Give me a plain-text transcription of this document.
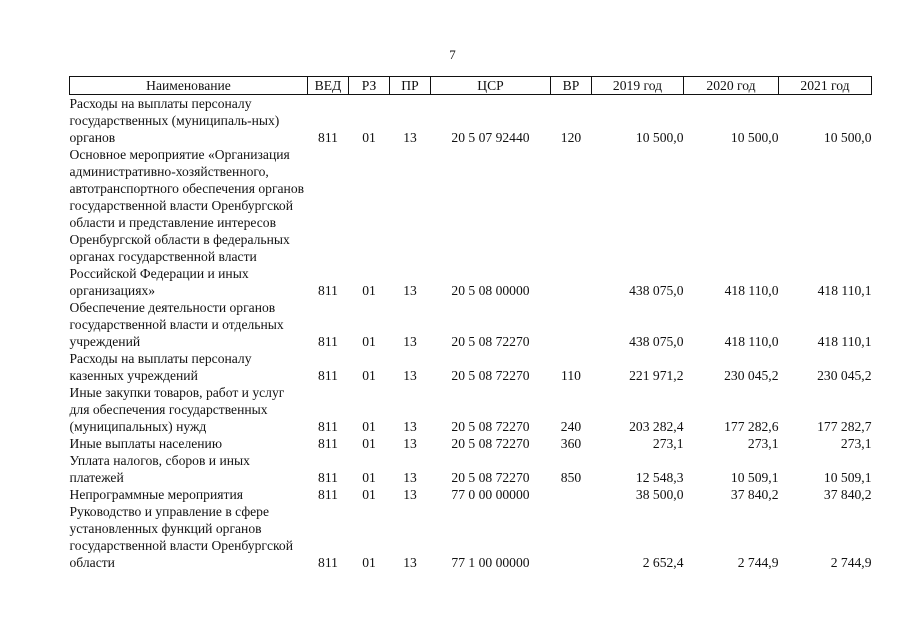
7
Наименование	ВЕД	РЗ	ПР	ЦСР	ВР	2019 год	2020 год	2021 год
Расходы на выплаты персоналу государственных (муниципаль-ных) органов	811	01	13	20 5 07 92440	120	10 500,0	10 500,0	10 500,0
Основное мероприятие «Организация административно-хозяйственного, автотранспортного обеспечения органов государственной власти Оренбургской области и представление интересов Оренбургской области в федеральных органах государственной власти Российской Федерации и иных организациях»	811	01	13	20 5 08 00000		438 075,0	418 110,0	418 110,1
Обеспечение деятельности органов государственной власти и отдельных учреждений	811	01	13	20 5 08 72270		438 075,0	418 110,0	418 110,1
Расходы на выплаты персоналу казенных учреждений	811	01	13	20 5 08 72270	110	221 971,2	230 045,2	230 045,2
Иные закупки товаров, работ и услуг для обеспечения государственных (муниципальных) нужд	811	01	13	20 5 08 72270	240	203 282,4	177 282,6	177 282,7
Иные выплаты населению	811	01	13	20 5 08 72270	360	273,1	273,1	273,1
Уплата налогов, сборов и иных платежей	811	01	13	20 5 08 72270	850	12 548,3	10 509,1	10 509,1
Непрограммные мероприятия	811	01	13	77 0 00 00000		38 500,0	37 840,2	37 840,2
Руководство и управление в сфере установленных функций органов государственной власти Оренбургской области	811	01	13	77 1 00 00000		2 652,4	2 744,9	2 744,9
